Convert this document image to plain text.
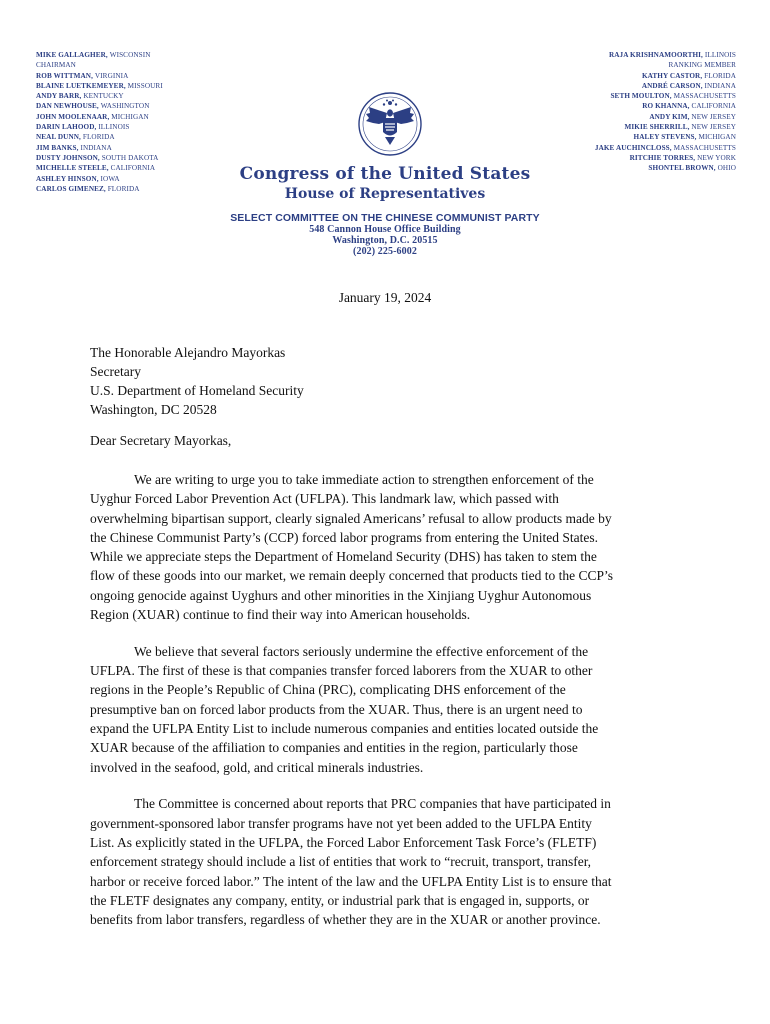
MIKE GALLAGHER, WISCONSIN
CHAIRMAN
ROB WITTMAN, VIRGINIA
BLAINE LUETKEMEYER, MISSOURI
ANDY BARR, KENTUCKY
DAN NEWHOUSE, WASHINGTON
JOHN MOOLENAAR, MICHIGAN
DARIN LAHOOD, ILLINOIS
NEAL DUNN, FLORIDA
JIM BANKS, INDIANA
DUSTY JOHNSON, SOUTH DAKOTA
MICHELLE STEELE, CALIFORNIA
ASHLEY HINSON, IOWA
CARLOS GIMENEZ, FLORIDA
RAJA KRISHNAMOORTHI, ILLINOIS
RANKING MEMBER
KATHY CASTOR, FLORIDA
ANDRÉ CARSON, INDIANA
SETH MOULTON, MASSACHUSETTS
RO KHANNA, CALIFORNIA
ANDY KIM, NEW JERSEY
MIKIE SHERRILL, NEW JERSEY
HALEY STEVENS, MICHIGAN
JAKE AUCHINCLOSS, MASSACHUSETTS
RITCHIE TORRES, NEW YORK
SHONTEL BROWN, OHIO
Congress of the United States
House of Representatives
SELECT COMMITTEE ON THE CHINESE COMMUNIST PARTY
548 Cannon House Office Building
Washington, D.C. 20515
(202) 225-6002
January 19, 2024
The Honorable Alejandro Mayorkas
Secretary
U.S. Department of Homeland Security
Washington, DC 20528
Dear Secretary Mayorkas,

We are writing to urge you to take immediate action to strengthen enforcement of the
Uyghur Forced Labor Prevention Act (UFLPA). This landmark law, which passed with
overwhelming bipartisan support, clearly signaled Americans’ refusal to allow products made by
the Chinese Communist Party’s (CCP) forced labor programs from entering the United States.
While we appreciate steps the Department of Homeland Security (DHS) has taken to stem the
flow of these goods into our market, we remain deeply concerned that products tied to the CCP’s
ongoing genocide against Uyghurs and other minorities in the Xinjiang Uyghur Autonomous
Region (XUAR) continue to find their way into American households.

We believe that several factors seriously undermine the effective enforcement of the
UFLPA. The first of these is that companies transfer forced laborers from the XUAR to other
regions in the People’s Republic of China (PRC), complicating DHS enforcement of the
presumptive ban on forced labor products from the XUAR. Thus, there is an urgent need to
expand the UFLPA Entity List to include numerous companies and entities located outside the
XUAR because of the affiliation to companies and entities in the region, particularly those
involved in the seafood, gold, and critical minerals industries.

The Committee is concerned about reports that PRC companies that have participated in
government-sponsored labor transfer programs have not yet been added to the UFLPA Entity
List. As explicitly stated in the UFLPA, the Forced Labor Enforcement Task Force’s (FLETF)
enforcement strategy should include a list of entities that work to “recruit, transport, transfer,
harbor or receive forced labor.” The intent of the law and the UFLPA Entity List is to ensure that
the FLETF designates any company, entity, or industrial park that is engaged in, supports, or
benefits from labor transfers, regardless of whether they are in the XUAR or another province.
